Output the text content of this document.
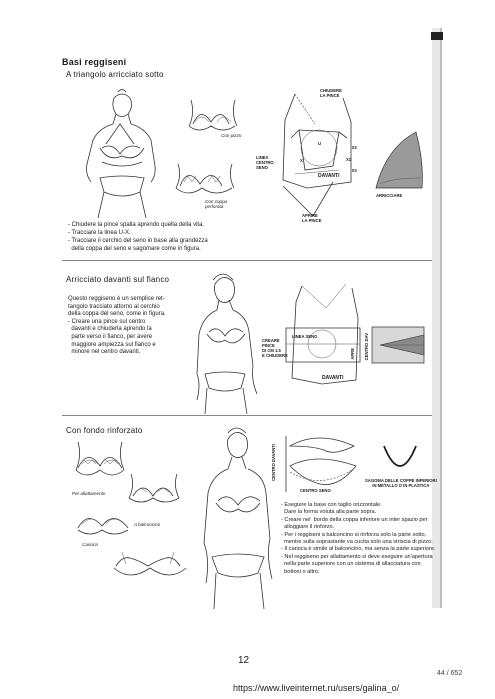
Basi reggiseni
A triangolo arricciato sotto
Con pizzo
Con coppa
perforata
CHIUDERE
LA PINCE
LINEA
CENTRO
SENO
DAVANTI
APRIRE
LA PINCE
U
X
03
03
X1
ARRICCIARE
- Chiudere la pince spalla aprendo quella della vita.
- Tracciare la linea U-X.
- Tracciare il cerchio del seno in base alla grandezza
della coppa del seno e sagomare come in figura.
Arricciato davanti sul fianco
Questo reggiseno è un semplice ret-
tangolo tracciato attorno al cerchio
della coppa del seno, come in figura.
- Creare una pince sul centro
davanti e chiuderla aprendo la
parte verso il fianco, per avere
maggiore ampiezza sul fianco e
minore nel centro davanti.
CREARE
PINCE
DI CM 1.5
E CHIUDERE
LINEA SENO
DAVANTI
APRE CENTRO DAV
Con fondo rinforzato
Per allattamento
A balconcino
Carioca
CENTRO DAVANTI
CENTRO SENO
SAGOMA DELLE COPPE INFERIORI
IN METALLO O IN PLASTICA
- Eseguire la base con taglio orizzontale.
Dare la forma voluta alla parte sopra.
- Creare nel  bordo della coppa inferiore un inter spazio per
alloggiare il rinforzo.
- Per i reggiseni a balconcino si rinforza solo la parte sotto,
mentre sulla soprastante va cucita solo una striscia di pizzo.
- Il carioca è simile al balconcino, ma senza la parte superiore.
- Nel reggiseno per allattamento si deve eseguire un'apertura
nella parte superiore con un sistema di allacciatura con
bottoni o altro.
12
44 / 652
https://www.liveinternet.ru/users/galina_o/
